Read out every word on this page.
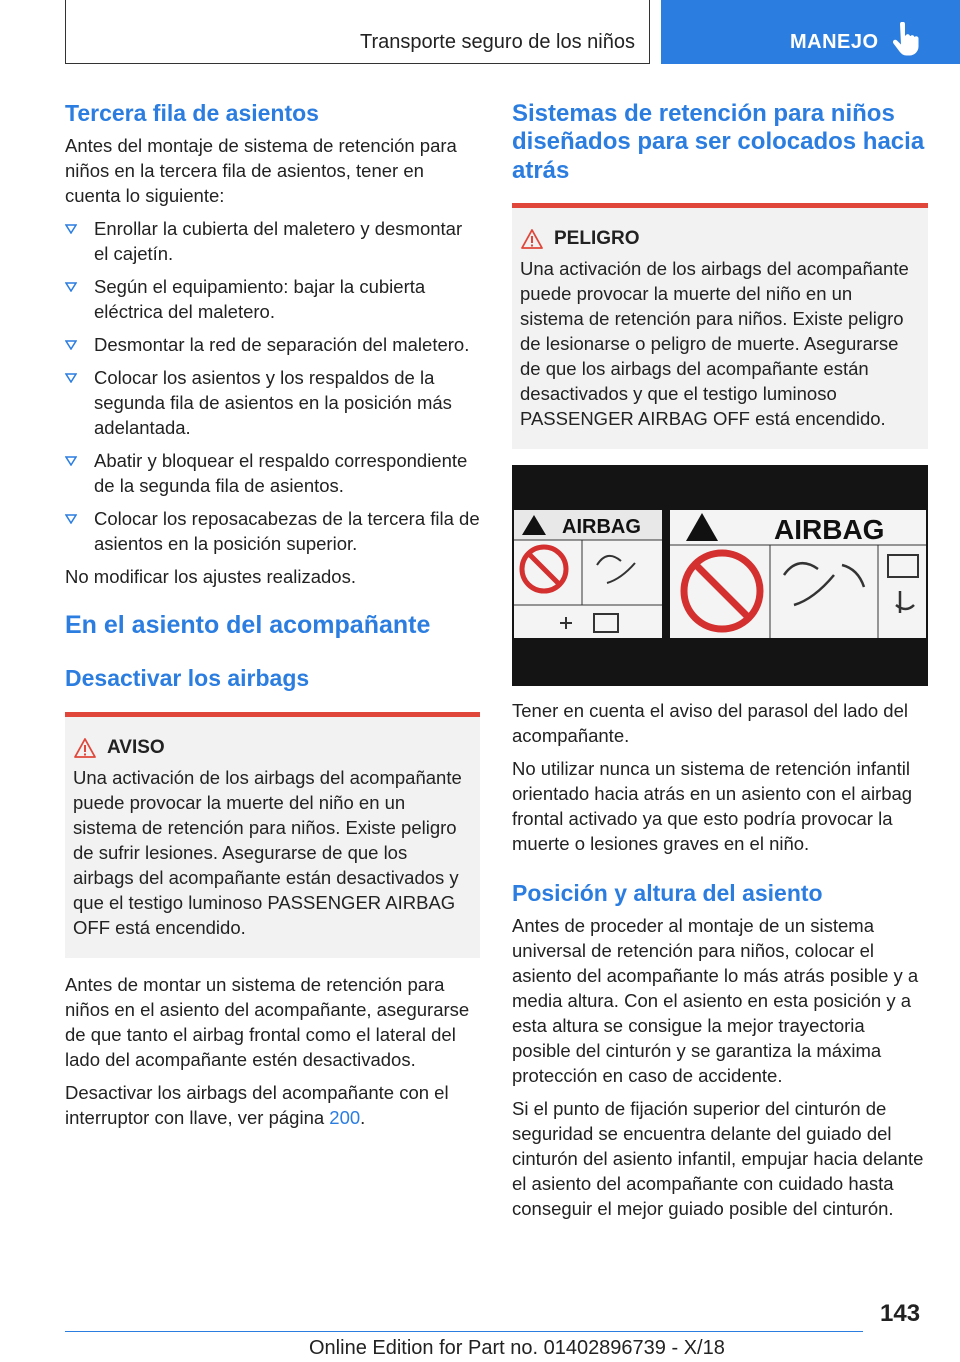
Transporte seguro de los niños	MANEJO
Tercera fila de asientos

Antes del montaje de sistema de retención para niños en la tercera fila de asientos, tener en cuenta lo siguiente:

Enrollar la cubierta del maletero y desmontar el cajetín.
Según el equipamiento: bajar la cubierta eléctrica del maletero.
Desmontar la red de separación del maletero.
Colocar los asientos y los respaldos de la segunda fila de asientos en la posición más adelantada.
Abatir y bloquear el respaldo correspondiente de la segunda fila de asientos.
Colocar los reposacabezas de la tercera fila de asientos en la posición superior.

No modificar los ajustes realizados.

En el asiento del acompañante
Desactivar los airbags
AVISO

Una activación de los airbags del acompañante puede provocar la muerte del niño en un sistema de retención para niños. Existe peligro de sufrir lesiones. Asegurarse de que los airbags del acompañante están desactivados y que el testigo luminoso PASSENGER AIRBAG OFF está encendido.

Antes de montar un sistema de retención para niños en el asiento del acompañante, asegurarse de que tanto el airbag frontal como el lateral del lado del acompañante estén desactivados.

Desactivar los airbags del acompañante con el interruptor con llave, ver página 200.

Sistemas de retención para niños diseñados para ser colocados hacia atrás
PELIGRO

Una activación de los airbags del acompañante puede provocar la muerte del niño en un sistema de retención para niños. Existe peligro de lesionarse o peligro de muerte. Asegurarse de que los airbags del acompañante están desactivados y que el testigo luminoso PASSENGER AIRBAG OFF está encendido.

AIRBAG	AIRBAG

Tener en cuenta el aviso del parasol del lado del acompañante.

No utilizar nunca un sistema de retención infantil orientado hacia atrás en un asiento con el airbag frontal activado ya que esto podría provocar la muerte o lesiones graves en el niño.

Posición y altura del asiento

Antes de proceder al montaje de un sistema universal de retención para niños, colocar el asiento del acompañante lo más atrás posible y a media altura. Con el asiento en esta posición y a esta altura se consigue la mejor trayectoria posible del cinturón y se garantiza la máxima protección en caso de accidente.

Si el punto de fijación superior del cinturón de seguridad se encuentra delante del guiado del cinturón del asiento infantil, empujar hacia delante el asiento del acompañante con cuidado hasta conseguir el mejor guiado posible del cinturón.

143
Online Edition for Part no. 01402896739 - X/18
